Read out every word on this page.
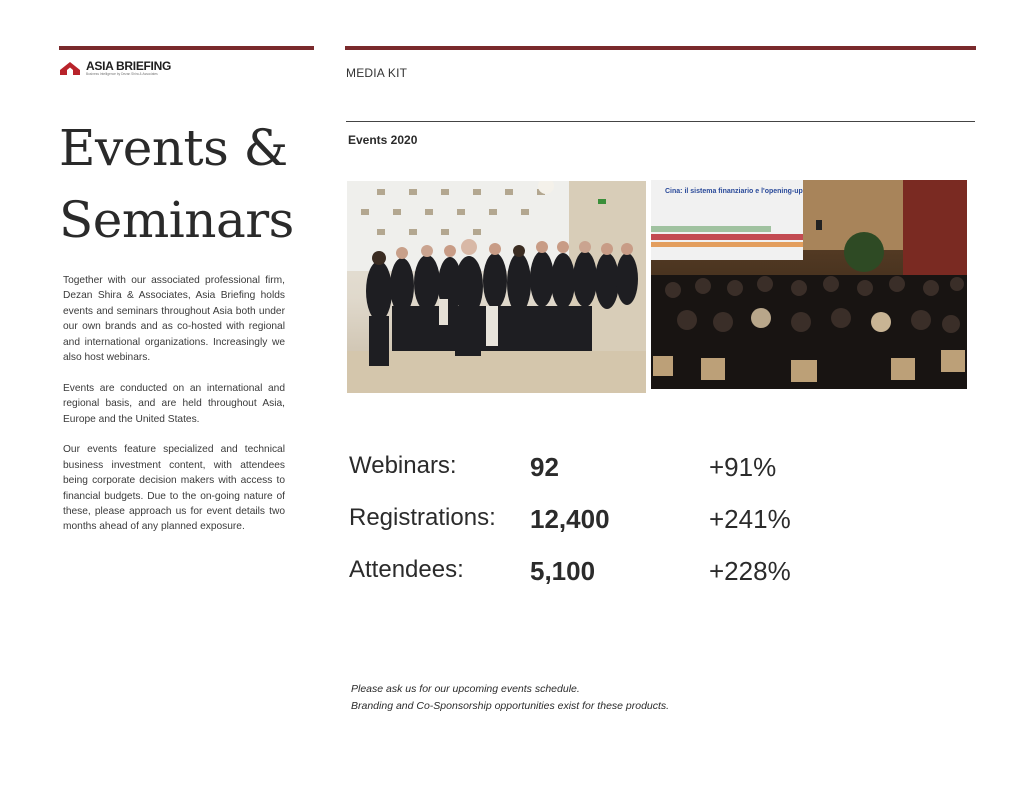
ASIA BRIEFING
Business Intelligence by Dezan Shira & Associates	MEDIA KIT
Events &
Seminars

Together with our associated professional firm, Dezan Shira & Associates, Asia Briefing holds events and seminars throughout Asia both under our own brands and as co-hosted with regional and international organizations. Increasingly we also host webinars.

Events are conducted on an international and regional basis, and are held throughout Asia, Europe and the United States.

Our events feature specialized and technical business investment content, with attendees being corporate decision makers with access to financial budgets. Due to the on-going nature of these, please approach us for event details two months ahead of any planned exposure.

Events 2020
Cina: il sistema finanziario e l'opening-up
Webinars:	92	+91%
Registrations: 12,400	+241%
Attendees:	5,100	+228%
Please ask us for our upcoming events schedule.
Branding and Co-Sponsorship opportunities exist for these products.
